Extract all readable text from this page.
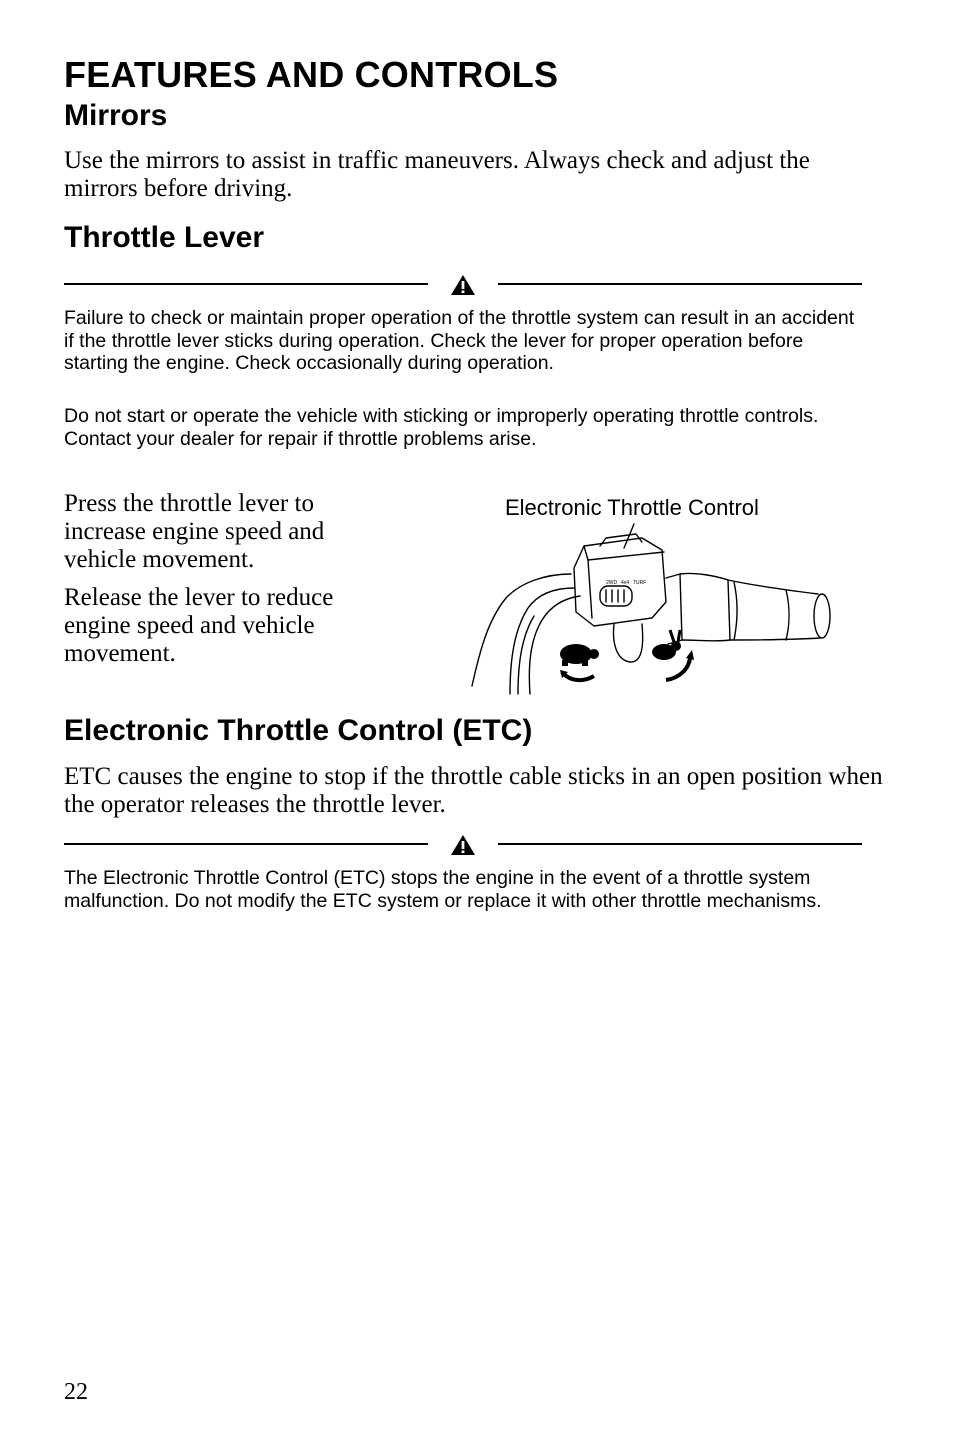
FEATURES AND CONTROLS
Mirrors

Use the mirrors to assist in traffic maneuvers. Always check and adjust the mirrors before driving.

Throttle Lever

Failure to check or maintain proper operation of the throttle system can result in an accident if the throttle lever sticks during operation. Check the lever for proper operation before starting the engine. Check occasionally during operation.

Do not start or operate the vehicle with sticking or improperly operating throttle controls. Contact your dealer for repair if throttle problems arise.

Press the throttle lever to increase engine speed and vehicle movement.

Release the lever to reduce engine speed and vehicle movement.

2WD 4x4 TURF

Electronic Throttle Control

Electronic Throttle Control (ETC)

ETC causes the engine to stop if the throttle cable sticks in an open position when the operator releases the throttle lever.

The Electronic Throttle Control (ETC) stops the engine in the event of a throttle system malfunction. Do not modify the ETC system or replace it with other throttle mechanisms.

22
